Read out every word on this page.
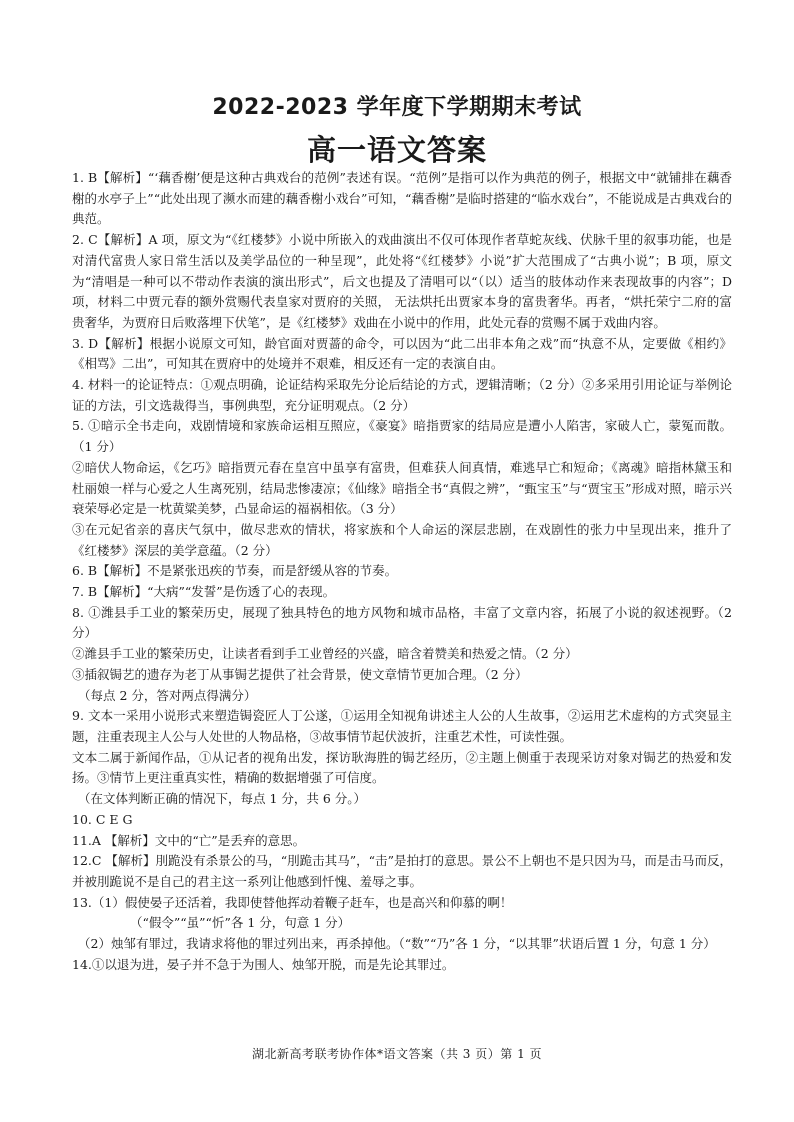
2022-2023 学年度下学期期末考试
高一语文答案

1. B【解析】“‘藕香榭’便是这种古典戏台的范例”表述有误。“范例”是指可以作为典范的例子，根据文中“就铺排在藕香榭的水亭子上”“此处出现了濒水而建的藕香榭小戏台”可知，“藕香榭”是临时搭建的“临水戏台”，不能说成是古典戏台的典范。

2. C【解析】A 项，原文为“《红楼梦》小说中所嵌入的戏曲演出不仅可体现作者草蛇灰线、伏脉千里的叙事功能，也是对清代富贵人家日常生活以及美学品位的一种呈现”，此处将“《红楼梦》小说”扩大范围成了“古典小说”；B 项，原文为“清唱是一种可以不带动作表演的演出形式”，后文也提及了清唱可以“（以）适当的肢体动作来表现故事的内容”；D 项，材料二中贾元春的额外赏赐代表皇家对贾府的关照， 无法烘托出贾家本身的富贵奢华。再者，“烘托荣宁二府的富贵奢华，为贾府日后败落埋下伏笔”，是《红楼梦》戏曲在小说中的作用，此处元春的赏赐不属于戏曲内容。

3. D【解析】根据小说原文可知，龄官面对贾蔷的命令，可以因为“此二出非本角之戏”而“执意不从，定要做《相约》《相骂》二出”，可知其在贾府中的处境并不艰难，相反还有一定的表演自由。

4. 材料一的论证特点：①观点明确，论证结构采取先分论后结论的方式，逻辑清晰；（2 分）②多采用引用论证与举例论证的方法，引文选裁得当，事例典型，充分证明观点。（2 分）

5. ①暗示全书走向，戏剧情境和家族命运相互照应，《豪宴》暗指贾家的结局应是遭小人陷害，家破人亡，蒙冤而散。（1 分）

②暗伏人物命运，《乞巧》暗指贾元春在皇宫中虽享有富贵，但难获人间真情，难逃早亡和短命；《离魂》暗指林黛玉和杜丽娘一样与心爱之人生离死别，结局悲惨凄凉；《仙缘》暗指全书“真假之辨”，“甄宝玉”与“贾宝玉”形成对照，暗示兴衰荣辱必定是一枕黄粱美梦，凸显命运的福祸相依。（3 分）

③在元妃省亲的喜庆气氛中，做尽悲欢的情状，将家族和个人命运的深层悲剧，在戏剧性的张力中呈现出来，推升了《红楼梦》深层的美学意蕴。（2 分）

6. B【解析】不是紧张迅疾的节奏，而是舒缓从容的节奏。

7. B【解析】“大病”“发誓”是伤透了心的表现。

8. ①潍县手工业的繁荣历史，展现了独具特色的地方风物和城市品格，丰富了文章内容，拓展了小说的叙述视野。（2 分）

②潍县手工业的繁荣历史，让读者看到手工业曾经的兴盛，暗含着赞美和热爱之情。（2 分）

③插叙锔艺的遗存为老丁从事锔艺提供了社会背景，使文章情节更加合理。（2 分）

（每点 2 分，答对两点得满分）

9. 文本一采用小说形式来塑造锔瓷匠人丁公遂，①运用全知视角讲述主人公的人生故事，②运用艺术虚构的方式突显主题，注重表现主人公与人处世的人物品格，③故事情节起伏波折，注重艺术性，可读性强。

文本二属于新闻作品，①从记者的视角出发，探访耿海胜的锔艺经历，②主题上侧重于表现采访对象对锔艺的热爱和发扬。③情节上更注重真实性，精确的数据增强了可信度。

（在文体判断正确的情况下，每点 1 分，共 6 分。）

10. C E G

11.A 【解析】文中的“亡”是丢弃的意思。

12.C 【解析】刖跪没有杀景公的马，“刖跪击其马”，“击”是拍打的意思。景公不上朝也不是只因为马，而是击马而反，并被刖跪说不是自己的君主这一系列让他感到忏愧、羞辱之事。

13.（1）假使晏子还活着，我即使替他挥动着鞭子赶车，也是高兴和仰慕的啊！

（“假令”“虽”“忻”各 1 分，句意 1 分）

（2）烛邹有罪过，我请求将他的罪过列出来，再杀掉他。（“数”“乃”各 1 分，“以其罪”状语后置 1 分，句意 1 分）

14.①以退为进，晏子并不急于为围人、烛邹开脱，而是先论其罪过。

湖北新高考联考协作体*语文答案（共 3 页）第 1 页
